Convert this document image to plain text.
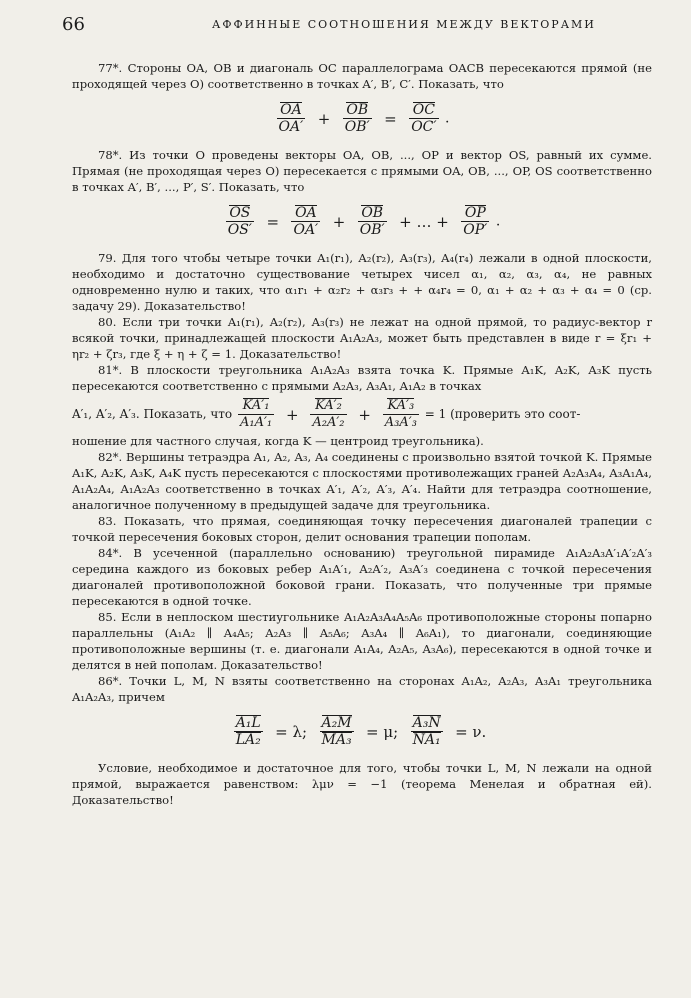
66	АФФИННЫЕ СООТНОШЕНИЯ МЕЖДУ ВЕКТОРАМИ

77*. Стороны OA, OB и диагональ OC параллелограма OACB пересекаются прямой (не проходящей через O) соответственно в точках A′, B′, C′. Показать, что

$\frac{OA}{OA'} + \frac{OB}{OB'} = \frac{OC}{OC'}$ .

78*. Из точки O проведены векторы OA, OB, ..., OP и вектор OS, равный их сумме. Прямая (не проходящая через O) пересекается с прямыми OA, OB, ..., OP, OS соответственно в точках A′, B′, ..., P′, S′. Показать, что

$\frac{OS}{OS'} = \frac{OA}{OA'} + \frac{OB}{OB'}$ + … + $\frac{OP}{OP'}$ .

79. Для того чтобы четыре точки A₁(r₁), A₂(r₂), A₃(r₃), A₄(r₄) лежали в одной плоскости, необходимо и достаточно существование четырех чисел α₁, α₂, α₃, α₄, не равных одновременно нулю и таких, что α₁r₁ + α₂r₂ + α₃r₃ + + α₄r₄ = 0, α₁ + α₂ + α₃ + α₄ = 0 (ср. задачу 29). Доказательство!

80. Если три точки A₁(r₁), A₂(r₂), A₃(r₃) не лежат на одной прямой, то радиус-вектор r всякой точки, принадлежащей плоскости A₁A₂A₃, может быть представлен в виде r = ξr₁ + ηr₂ + ζr₃, где ξ + η + ζ = 1. Доказательство!

81*. В плоскости треугольника A₁A₂A₃ взята точка K. Прямые A₁K, A₂K, A₃K пусть пересекаются соответственно с прямыми A₂A₃, A₃A₁, A₁A₂ в точках

A′₁, A′₂, A′₃. Показать, что $\frac{\text{KA′₁}}{\text{A₁A′₁}} + \frac{\text{KA′₂}}{\text{A₂A′₂}} + \frac{\text{KA′₃}}{\text{A₃A′₃}} = 1$ (проверить это соот-

ношение для частного случая, когда K — центроид треугольника).

82*. Вершины тетраэдра A₁, A₂, A₃, A₄ соединены с произвольно взятой точкой K. Прямые A₁K, A₂K, A₃K, A₄K пусть пересекаются с плоскостями противолежащих граней A₂A₃A₄, A₃A₁A₄, A₁A₂A₄, A₁A₂A₃ соответственно в точках A′₁, A′₂, A′₃, A′₄. Найти для тетраэдра соотношение, аналогичное полученному в предыдущей задаче для треугольника.

83. Показать, что прямая, соединяющая точку пересечения диагоналей трапеции с точкой пересечения боковых сторон, делит основания трапеции пополам.

84*. В усеченной (параллельно основанию) треугольной пирамиде A₁A₂A₃A′₁A′₂A′₃ середина каждого из боковых ребер A₁A′₁, A₂A′₂, A₃A′₃ соединена с точкой пересечения диагоналей противоположной боковой грани. Показать, что полученные три прямые пересекаются в одной точке.

85. Если в неплоском шестиугольнике A₁A₂A₃A₄A₅A₆ противоположные стороны попарно параллельны (A₁A₂ ∥ A₄A₅; A₂A₃ ∥ A₅A₆; A₃A₄ ∥ A₆A₁), то диагонали, соединяющие противоположные вершины (т. е. диагонали A₁A₄, A₂A₅, A₃A₆), пересекаются в одной точке и делятся в ней пополам. Доказательство!

86*. Точки L, M, N взяты соответственно на сторонах A₁A₂, A₂A₃, A₃A₁ треугольника A₁A₂A₃, причем

$\frac{\text{A₁L}}{\text{LA₂}} = \lambda$; $\frac{\text{A₂M}}{\text{MA₃}} = \mu$; $\frac{\text{A₃N}}{\text{NA₁}} = \nu$.

Условие, необходимое и достаточное для того, чтобы точки L, M, N лежали на одной прямой, выражается равенством: λμν = −1 (теорема Менелая и обратная ей). Доказательство!
